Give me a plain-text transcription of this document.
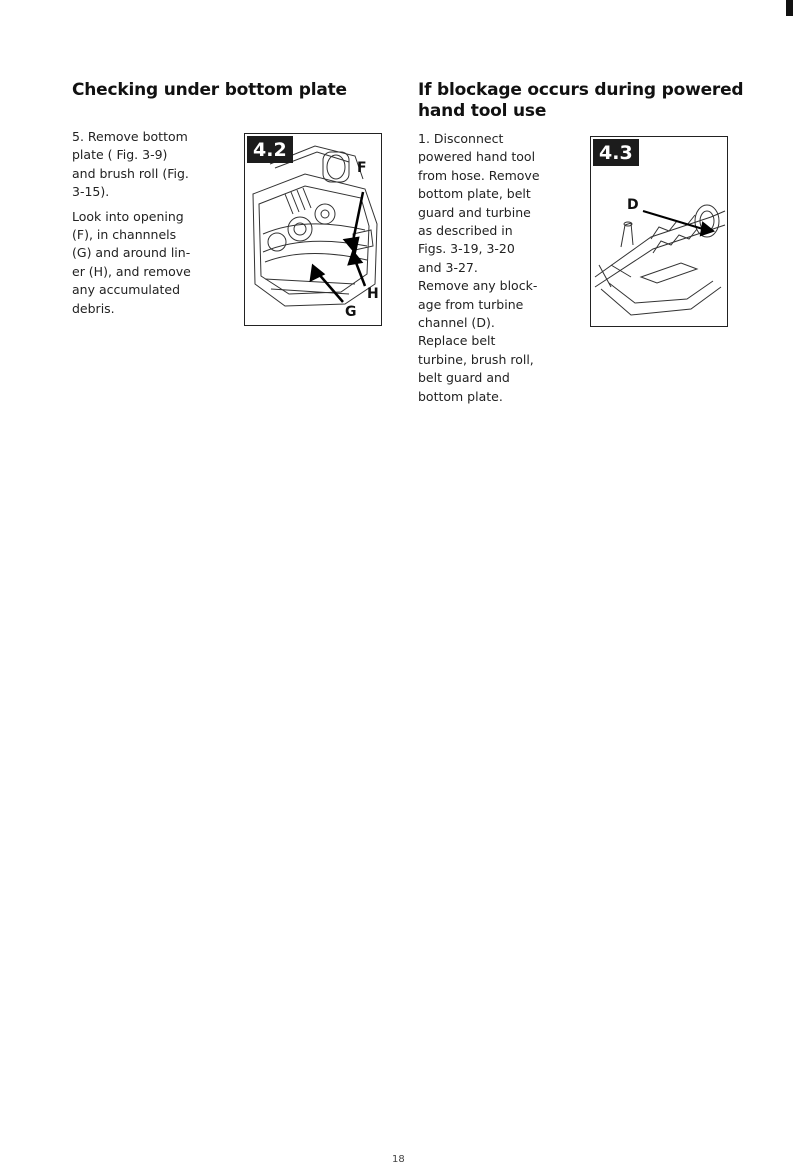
Checking under bottom plate

5. Remove bottom
plate ( Fig. 3-9)
and brush roll (Fig.
3-15).

Look into opening
(F), in channnels
(G) and around lin-
er (H), and remove
any accumulated
debris.

4.2
F
H
G
If blockage occurs during powered hand tool use

1. Disconnect
powered hand tool
from hose. Remove
bottom plate, belt
guard and turbine
as described in
Figs. 3-19, 3-20
and 3-27.
Remove any block-
age from turbine
channel (D).
Replace belt
turbine, brush roll,
belt guard and
bottom plate.

4.3
D
18
